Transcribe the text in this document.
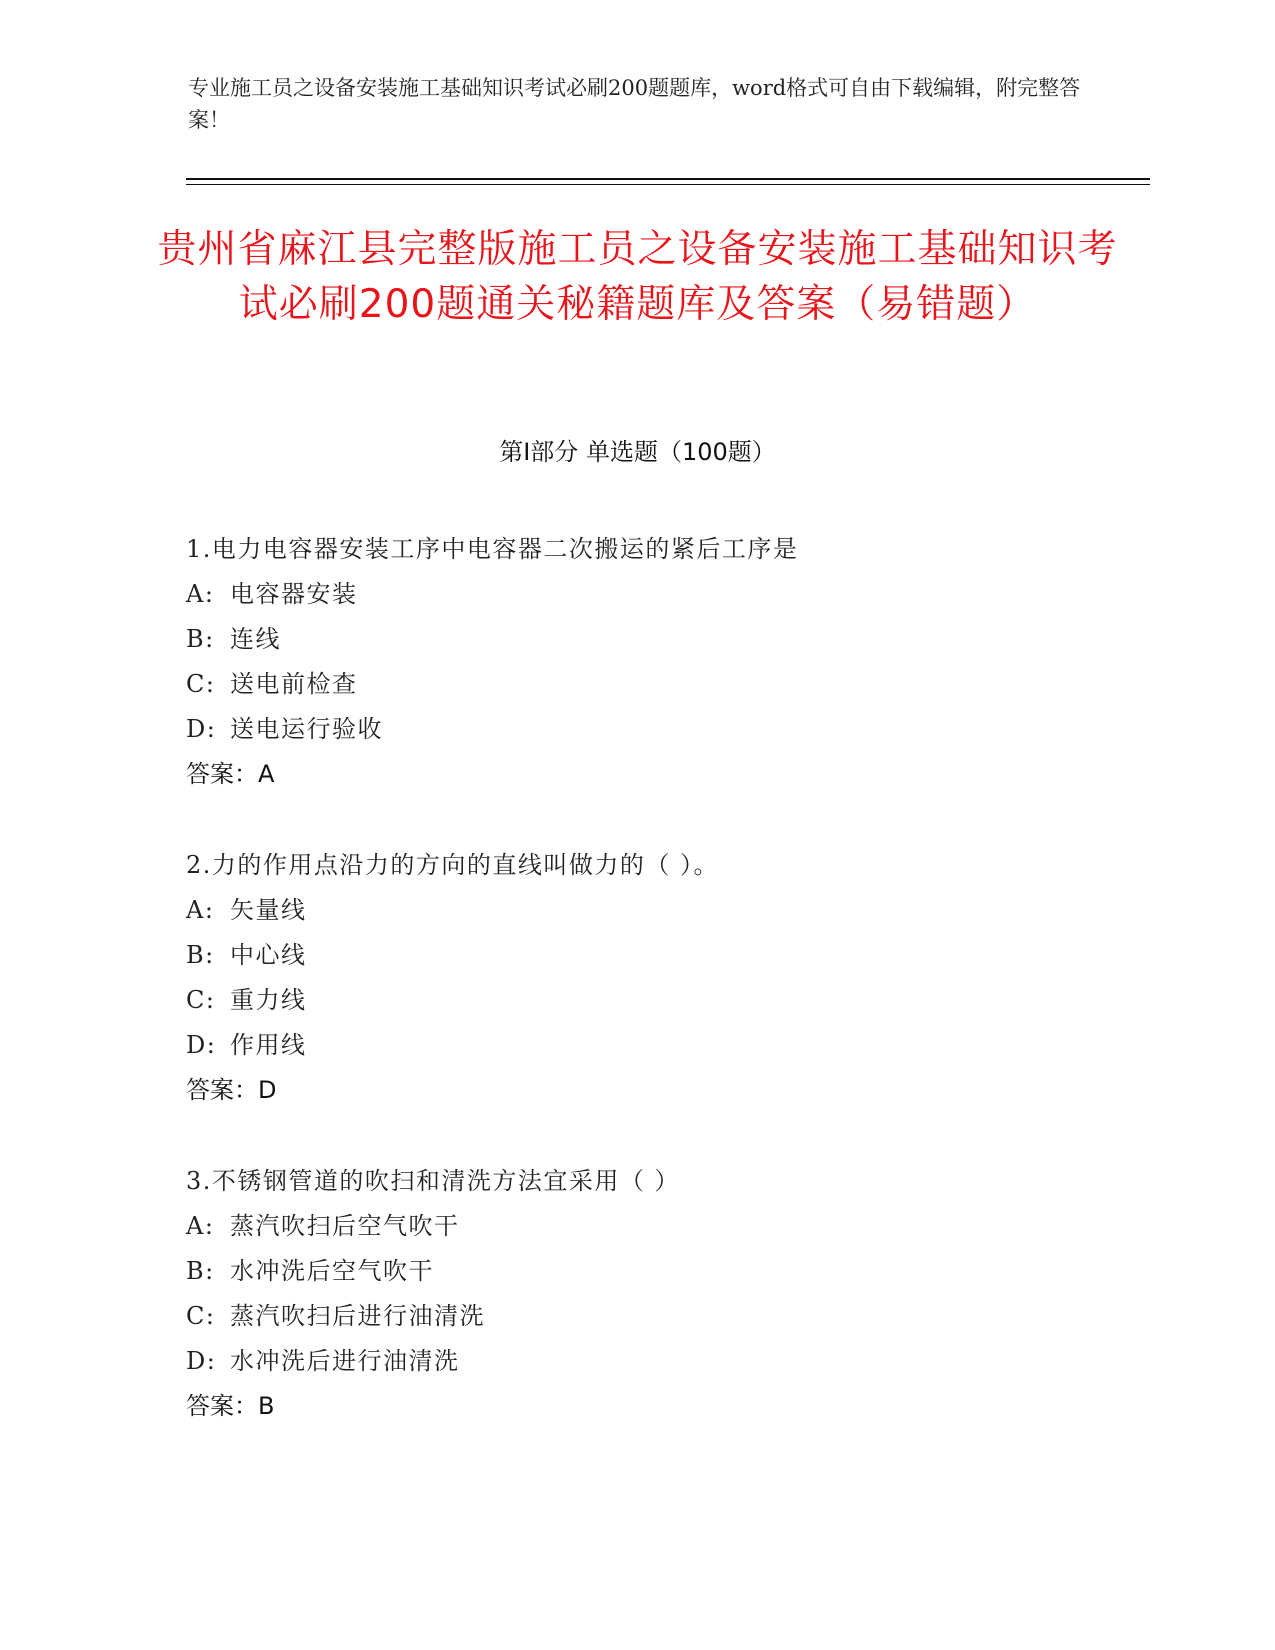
专业施工员之设备安装施工基础知识考试必刷200题题库，word格式可自由下载编辑，附完整答案！
贵州省麻江县完整版施工员之设备安装施工基础知识考试必刷200题通关秘籍题库及答案（易错题）
第I部分 单选题（100题）
1.电力电容器安装工序中电容器二次搬运的紧后工序是
A: 电容器安装
B: 连线
C: 送电前检查
D: 送电运行验收
答案：A
2.力的作用点沿力的方向的直线叫做力的（ ）。
A: 矢量线
B: 中心线
C: 重力线
D: 作用线
答案：D
3.不锈钢管道的吹扫和清洗方法宜采用（ ）
A: 蒸汽吹扫后空气吹干
B: 水冲洗后空气吹干
C: 蒸汽吹扫后进行油清洗
D: 水冲洗后进行油清洗
答案：B
